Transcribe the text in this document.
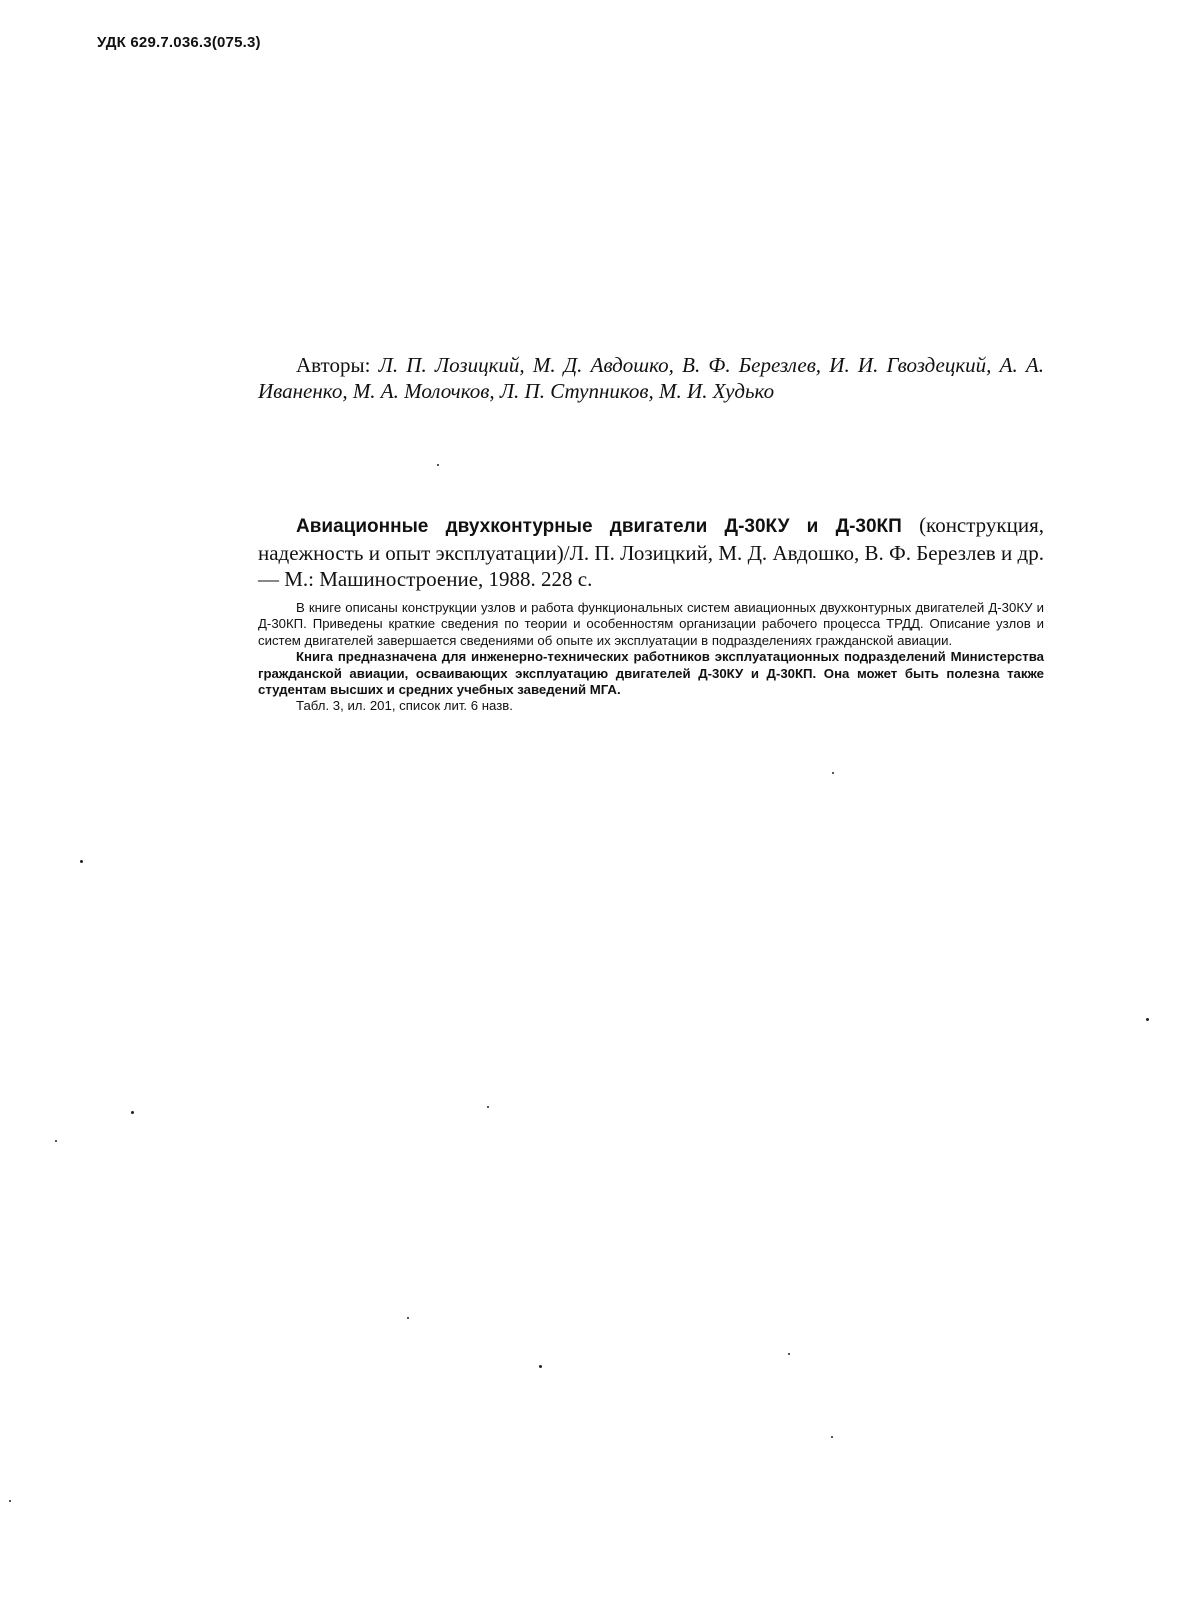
УДК 629.7.036.3(075.3)
Авторы: Л. П. Лозицкий, М. Д. Авдошко, В. Ф. Березлев, И. И. Гвоздецкий, А. А. Иваненко, М. А. Молочков, Л. П. Ступников, М. И. Худько
Авиационные двухконтурные двигатели Д-30КУ и Д-30КП (конструкция, надежность и опыт эксплуатации)/Л. П. Лозицкий, М. Д. Авдошко, В. Ф. Березлев и др. — М.: Машиностроение, 1988. 228 с.

В книге описаны конструкции узлов и работа функциональных систем авиационных двухконтурных двигателей Д-30КУ и Д-30КП. Приведены краткие сведения по теории и особенностям организации рабочего процесса ТРДД. Описание узлов и систем двигателей завершается сведениями об опыте их эксплуатации в подразделениях гражданской авиации.

Книга предназначена для инженерно-технических работников эксплуатационных подразделений Министерства гражданской авиации, осваивающих эксплуатацию двигателей Д-30КУ и Д-30КП. Она может быть полезна также студентам высших и средних учебных заведений МГА.

Табл. 3, ил. 201, список лит. 6 назв.
